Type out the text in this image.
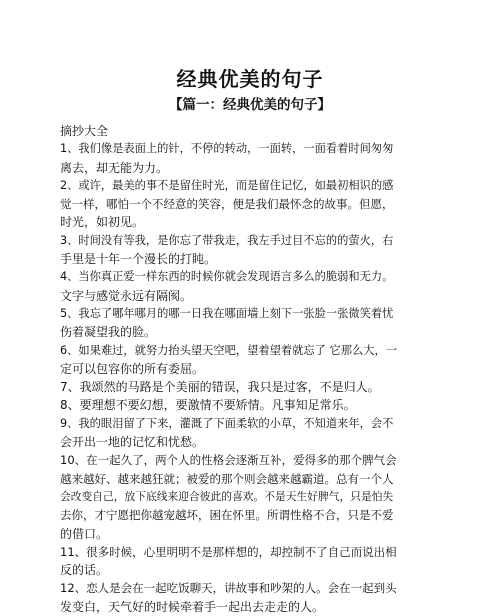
经典优美的句子
【篇一：经典优美的句子】
摘抄大全
1、我们像是表面上的针，不停的转动，一面转，一面看着时间匆匆
离去，却无能为力。
2、或许，最美的事不是留住时光，而是留住记忆，如最初相识的感
觉一样，哪怕一个不经意的笑容，便是我们最怀念的故事。但愿，
时光，如初见。
3、时间没有等我，是你忘了带我走，我左手过目不忘的的萤火，右
手里是十年一个漫长的打盹。
4、当你真正爱一样东西的时候你就会发现语言多么的脆弱和无力。
文字与感觉永远有隔阂。
5、我忘了哪年哪月的哪一日我在哪面墙上刻下一张脸一张微笑着忧
伤着凝望我的脸。
6、如果难过，就努力抬头望天空吧，望着望着就忘了 它那么大，一
定可以包容你的所有委屈。
7、我颂然的马路是个美丽的错误，我只是过客，不是归人。
8、要理想不要幻想，要激情不要矫情。凡事知足常乐。
9、我的眼泪留了下来，灌溉了下面柔软的小草，不知道来年，会不
会开出一地的记忆和忧愁。
10、在一起久了，两个人的性格会逐渐互补，爱得多的那个脾气会
越来越好、越来越狂就；被爱的那个则会越来越霸道。总有一个人
会改变自己，放下底线来迎合彼此的喜欢。不是天生好脾气，只是怕失
去你，才宁愿把你越宠越坏，困在怀里。所谓性格不合，只是不爱
的借口。
11、很多时候，心里明明不是那样想的，却控制不了自己而说出相
反的话。
12、恋人是会在一起吃饭聊天，讲故事和吵架的人。会在一起到头
发变白，天气好的时候牵着手一起出去走走的人。
